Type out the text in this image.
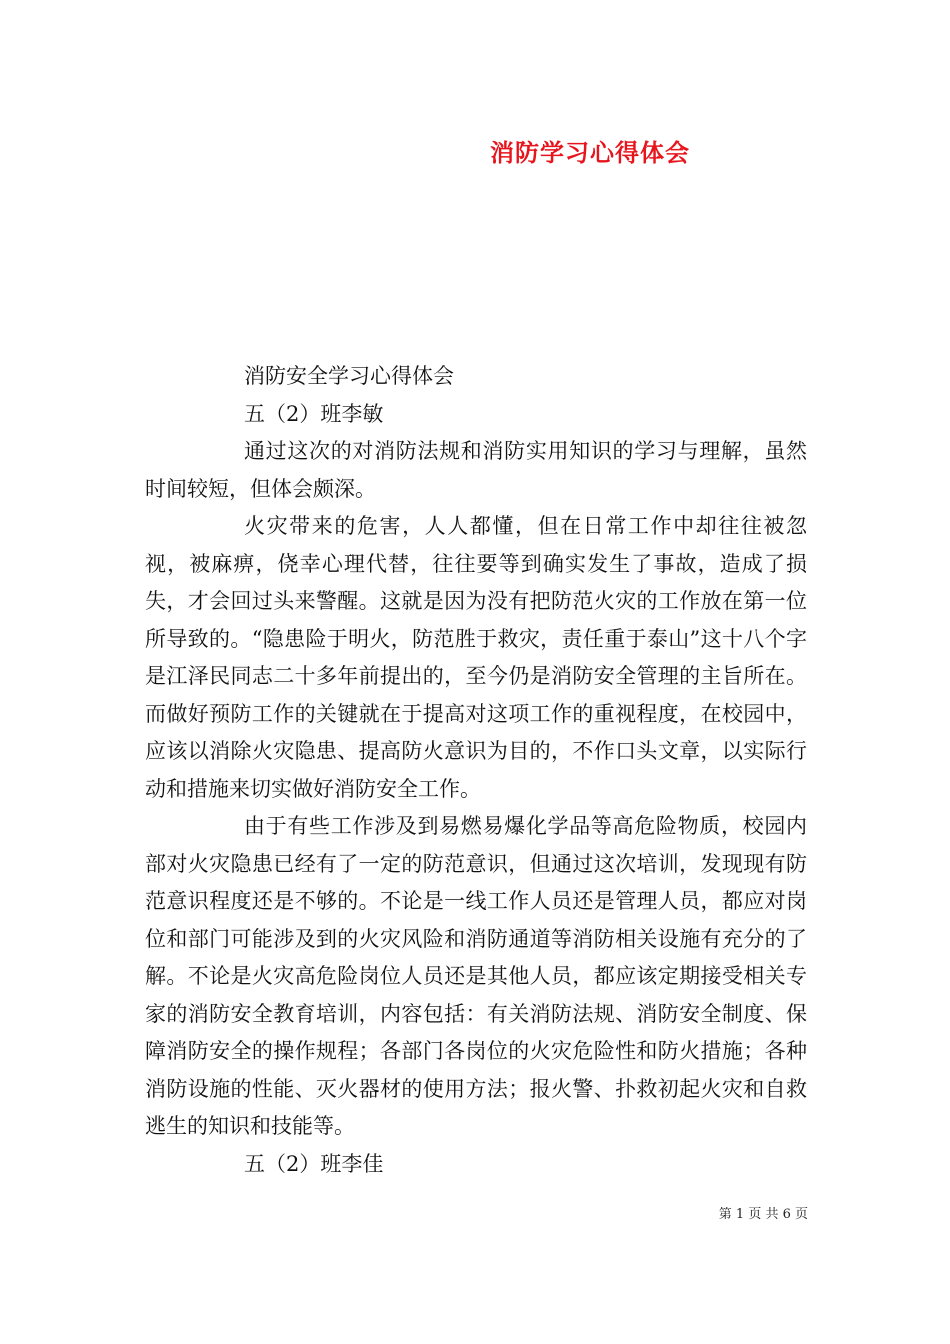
消防学习心得体会

消防安全学习心得体会

五（2）班李敏

通过这次的对消防法规和消防实用知识的学习与理解，虽然时间较短，但体会颇深。

火灾带来的危害，人人都懂，但在日常工作中却往往被忽视，被麻痹，侥幸心理代替，往往要等到确实发生了事故，造成了损失，才会回过头来警醒。这就是因为没有把防范火灾的工作放在第一位所导致的。“隐患险于明火，防范胜于救灾，责任重于泰山”这十八个字是江泽民同志二十多年前提出的，至今仍是消防安全管理的主旨所在。而做好预防工作的关键就在于提高对这项工作的重视程度，在校园中，应该以消除火灾隐患、提高防火意识为目的，不作口头文章，以实际行动和措施来切实做好消防安全工作。

由于有些工作涉及到易燃易爆化学品等高危险物质，校园内部对火灾隐患已经有了一定的防范意识，但通过这次培训，发现现有防范意识程度还是不够的。不论是一线工作人员还是管理人员，都应对岗位和部门可能涉及到的火灾风险和消防通道等消防相关设施有充分的了解。不论是火灾高危险岗位人员还是其他人员，都应该定期接受相关专家的消防安全教育培训，内容包括：有关消防法规、消防安全制度、保障消防安全的操作规程；各部门各岗位的火灾危险性和防火措施；各种消防设施的性能、灭火器材的使用方法；报火警、扑救初起火灾和自救逃生的知识和技能等。

五（2）班李佳

第 1 页 共 6 页
